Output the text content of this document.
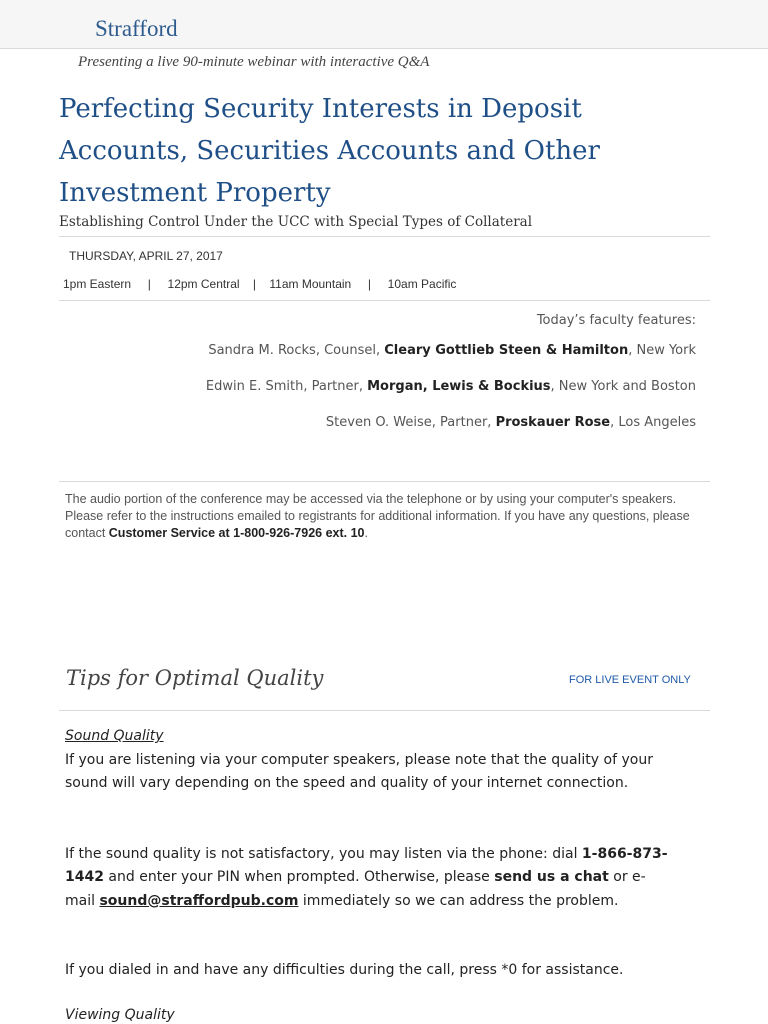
Strafford
Presenting a live 90-minute webinar with interactive Q&A
Perfecting Security Interests in Deposit Accounts, Securities Accounts and Other Investment Property
Establishing Control Under the UCC with Special Types of Collateral
THURSDAY, APRIL 27, 2017
1pm Eastern | 12pm Central | 11am Mountain | 10am Pacific
Today’s faculty features:
Sandra M. Rocks, Counsel, Cleary Gottlieb Steen & Hamilton, New York
Edwin E. Smith, Partner, Morgan, Lewis & Bockius, New York and Boston
Steven O. Weise, Partner, Proskauer Rose, Los Angeles
The audio portion of the conference may be accessed via the telephone or by using your computer's speakers. Please refer to the instructions emailed to registrants for additional information. If you have any questions, please contact Customer Service at 1-800-926-7926 ext. 10.
Tips for Optimal Quality	FOR LIVE EVENT ONLY
Sound Quality
If you are listening via your computer speakers, please note that the quality of your sound will vary depending on the speed and quality of your internet connection.
If the sound quality is not satisfactory, you may listen via the phone: dial 1-866-873-1442 and enter your PIN when prompted. Otherwise, please send us a chat or e-mail sound@straffordpub.com immediately so we can address the problem.
If you dialed in and have any difficulties during the call, press *0 for assistance.
Viewing Quality
